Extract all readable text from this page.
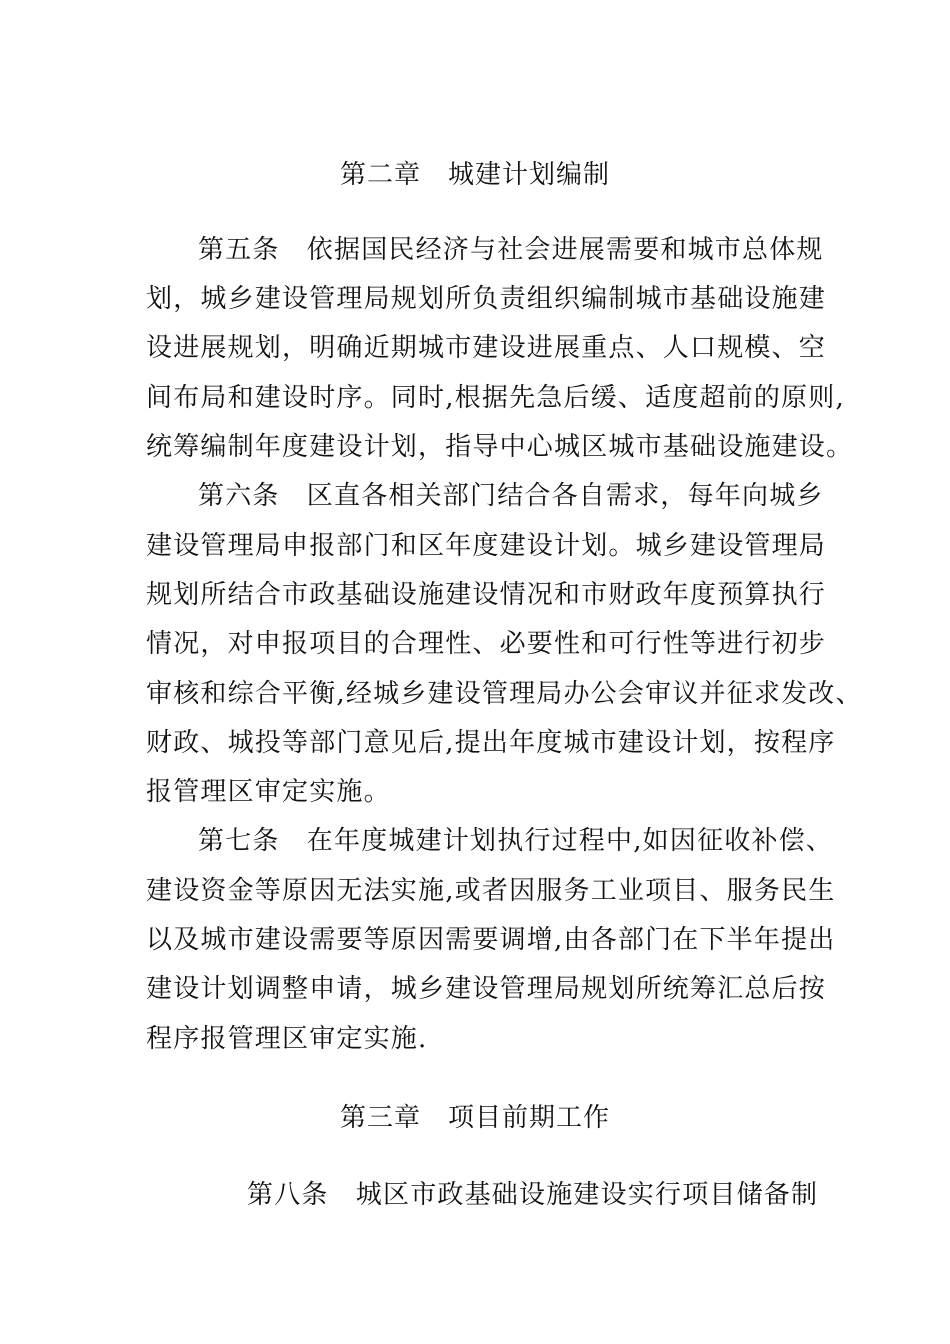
第二章　城建计划编制
第五条　依据国民经济与社会进展需要和城市总体规
划，城乡建设管理局规划所负责组织编制城市基础设施建
设进展规划，明确近期城市建设进展重点、人口规模、空
间布局和建设时序。同时,根据先急后缓、适度超前的原则,
统筹编制年度建设计划，指导中心城区城市基础设施建设。
第六条　区直各相关部门结合各自需求，每年向城乡
建设管理局申报部门和区年度建设计划。城乡建设管理局
规划所结合市政基础设施建设情况和市财政年度预算执行
情况，对申报项目的合理性、必要性和可行性等进行初步
审核和综合平衡,经城乡建设管理局办公会审议并征求发改、
财政、城投等部门意见后,提出年度城市建设计划，按程序
报管理区审定实施。
第七条　在年度城建计划执行过程中,如因征收补偿、
建设资金等原因无法实施,或者因服务工业项目、服务民生
以及城市建设需要等原因需要调增,由各部门在下半年提出
建设计划调整申请，城乡建设管理局规划所统筹汇总后按
程序报管理区审定实施.
第三章　项目前期工作
第八条　城区市政基础设施建设实行项目储备制
